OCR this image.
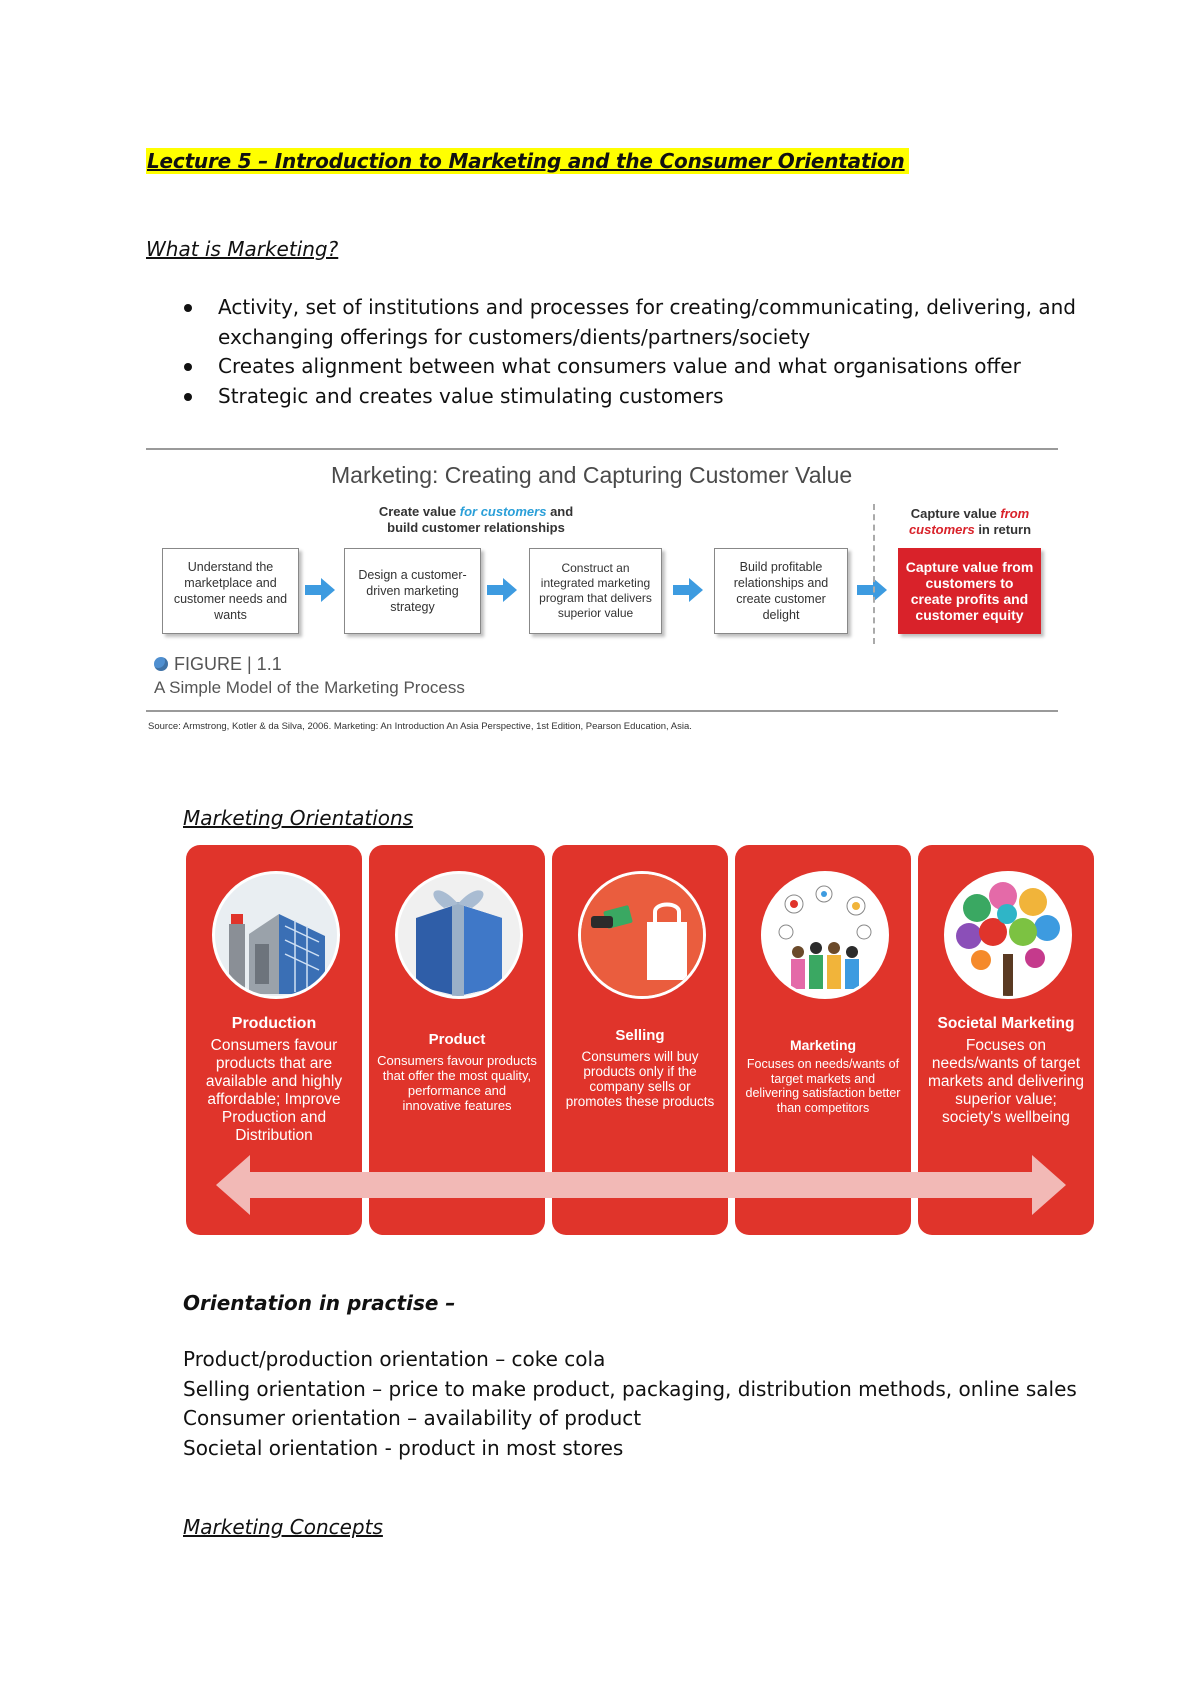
Lecture 5 – Introduction to Marketing and the Consumer Orientation
What is Marketing?
Activity, set of institutions and processes for creating/communicating, delivering, and
exchanging offerings for customers/dients/partners/society
Creates alignment between what consumers value and what organisations offer
Strategic and creates value stimulating customers
Marketing: Creating and Capturing Customer Value
Create value for customers and
build customer relationships
Capture value from
customers in return
Understand the marketplace and customer needs and wants
Design a customer-driven marketing strategy
Construct an integrated marketing program that delivers superior value
Build profitable relationships and create customer delight
Capture value from customers to create profits and customer equity
FIGURE | 1.1
A Simple Model of the Marketing Process
Source: Armstrong, Kotler & da Silva, 2006. Marketing: An Introduction An Asia Perspective, 1st Edition, Pearson Education, Asia.
Marketing Orientations
Production
Consumers favour products that are available and highly affordable; Improve Production and Distribution
Product
Consumers favour products that offer the most quality, performance and innovative features
Selling
Consumers will buy products only if the company sells or promotes these products
Marketing
Focuses on needs/wants of target markets and delivering satisfaction better than competitors
Societal Marketing
Focuses on needs/wants of target markets and delivering superior value; society's wellbeing
Orientation in practise –
Product/production orientation – coke cola
Selling orientation – price to make product, packaging, distribution methods, online sales
Consumer orientation – availability of product
Societal orientation - product in most stores
Marketing Concepts
